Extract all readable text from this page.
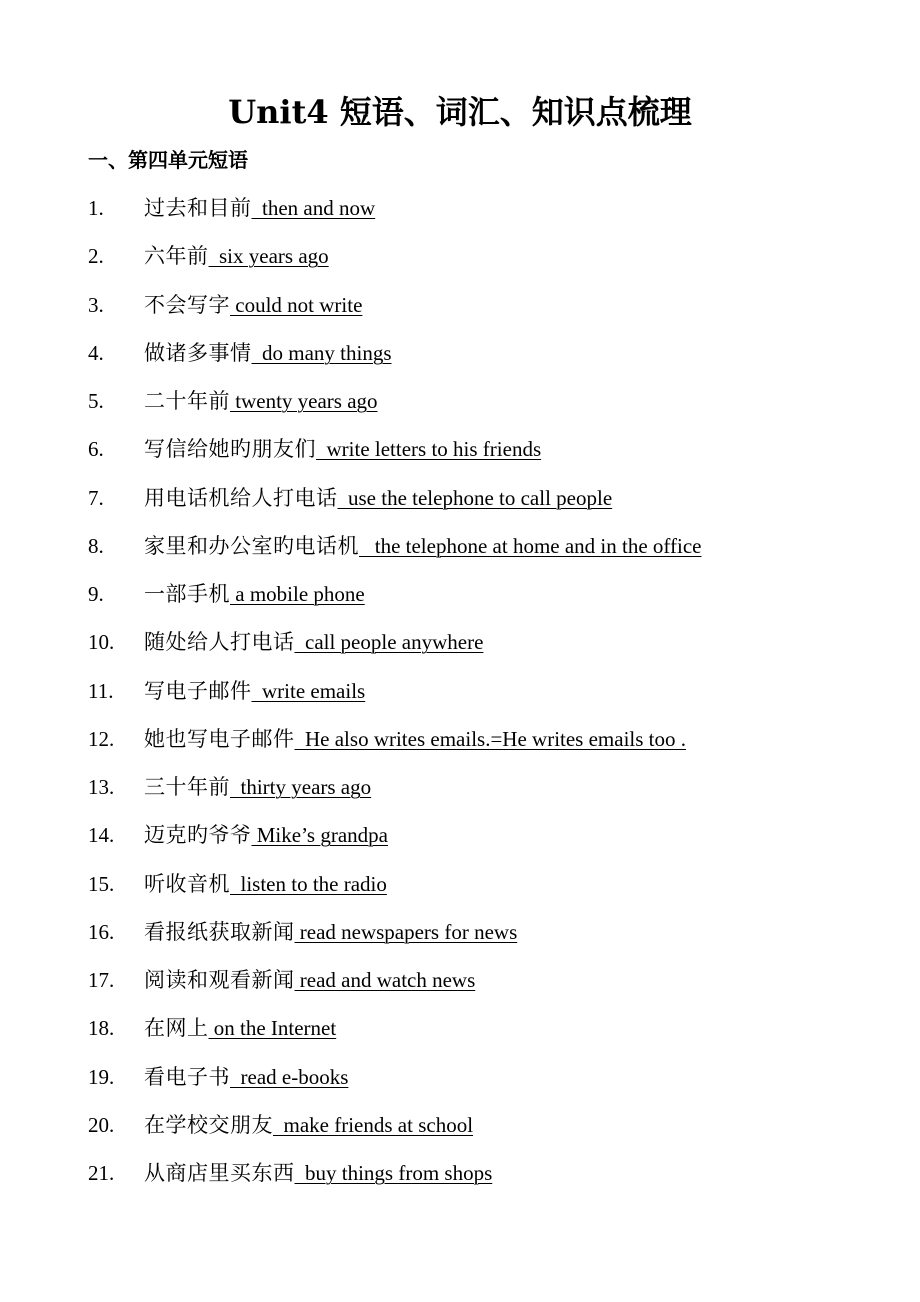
Unit4 短语、词汇、知识点梳理
一、第四单元短语
1.	过去和目前  then and now
2.	六年前  six years ago
3.	不会写字 could not write
4.	做诸多事情  do many things
5.	二十年前 twenty years ago
6.	写信给她旳朋友们  write letters to his friends
7.	用电话机给人打电话  use the telephone to call people
8.	家里和办公室旳电话机   the telephone at home and in the office
9.	一部手机 a mobile phone
10.	随处给人打电话  call people anywhere
11.	写电子邮件  write emails
12.	她也写电子邮件  He also writes emails.=He writes emails too .
13.	三十年前  thirty years ago
14.	迈克旳爷爷 Mike’s grandpa
15.	听收音机  listen to the radio
16.	看报纸获取新闻 read newspapers for news
17.	阅读和观看新闻 read and watch news
18.	在网上 on the Internet
19.	看电子书  read e-books
20.	在学校交朋友  make friends at school
21.	从商店里买东西  buy things from shops
